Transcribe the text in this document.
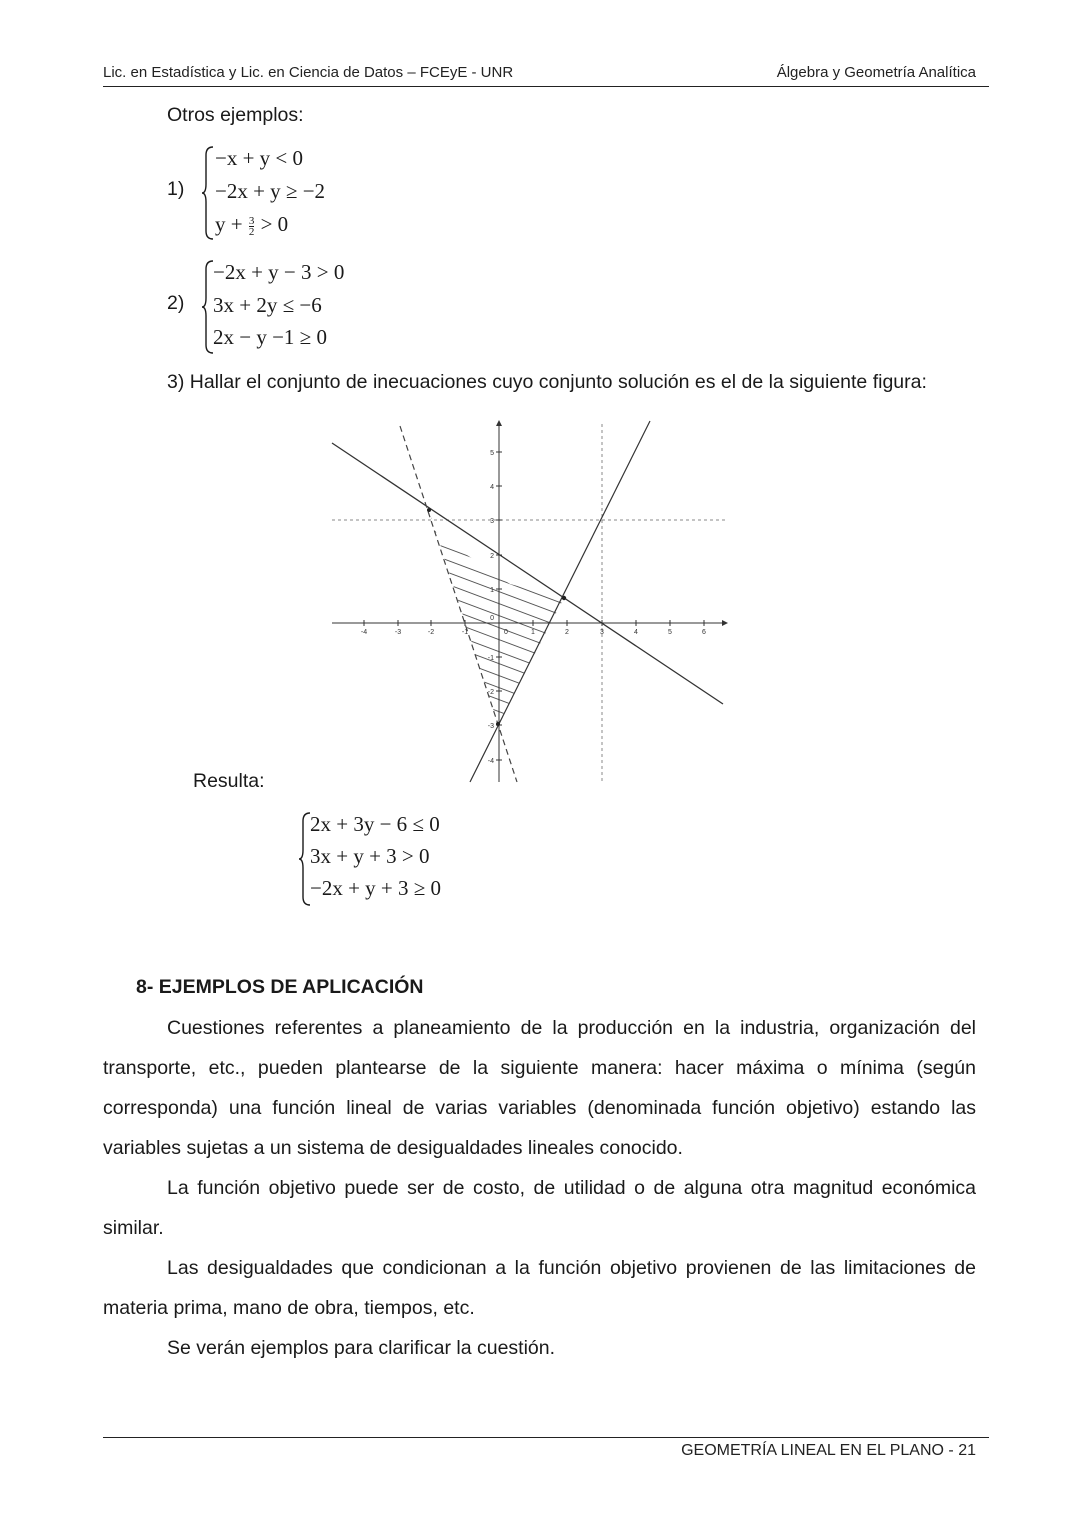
Lic. en Estadística y Lic. en Ciencia de Datos – FCEyE - UNR	Álgebra y Geometría Analítica
Otros ejemplos:
1)
−x + y < 0
−2x + y ≥ −2
$y + \frac{3}{2} > 0$
2)
−2x + y − 3 > 0
3x + 2y ≤ −6
2x − y −1 ≥ 0
3) Hallar el conjunto de inecuaciones cuyo conjunto solución es el de la siguiente figura:
-4	-3	-2	-1	0	1	2	3	4	5	6
5
4
3
2
1
0
-1
-2
-3
-4
Resulta:
2x + 3y − 6 ≤ 0
3x + y + 3 > 0
−2x + y + 3 ≥ 0
8- EJEMPLOS DE APLICACIÓN
Cuestiones referentes a planeamiento de la producción en la industria, organización del
transporte, etc., pueden plantearse de la siguiente manera: hacer máxima o mínima (según
corresponda) una función lineal de varias variables (denominada función objetivo) estando las
variables sujetas a un sistema de desigualdades lineales conocido.
La función objetivo puede ser de costo, de utilidad o de alguna otra magnitud económica
similar.
Las desigualdades que condicionan a la función objetivo provienen de las limitaciones de
materia prima, mano de obra, tiempos, etc.
Se verán ejemplos para clarificar la cuestión.
GEOMETRÍA LINEAL EN EL PLANO - 21
